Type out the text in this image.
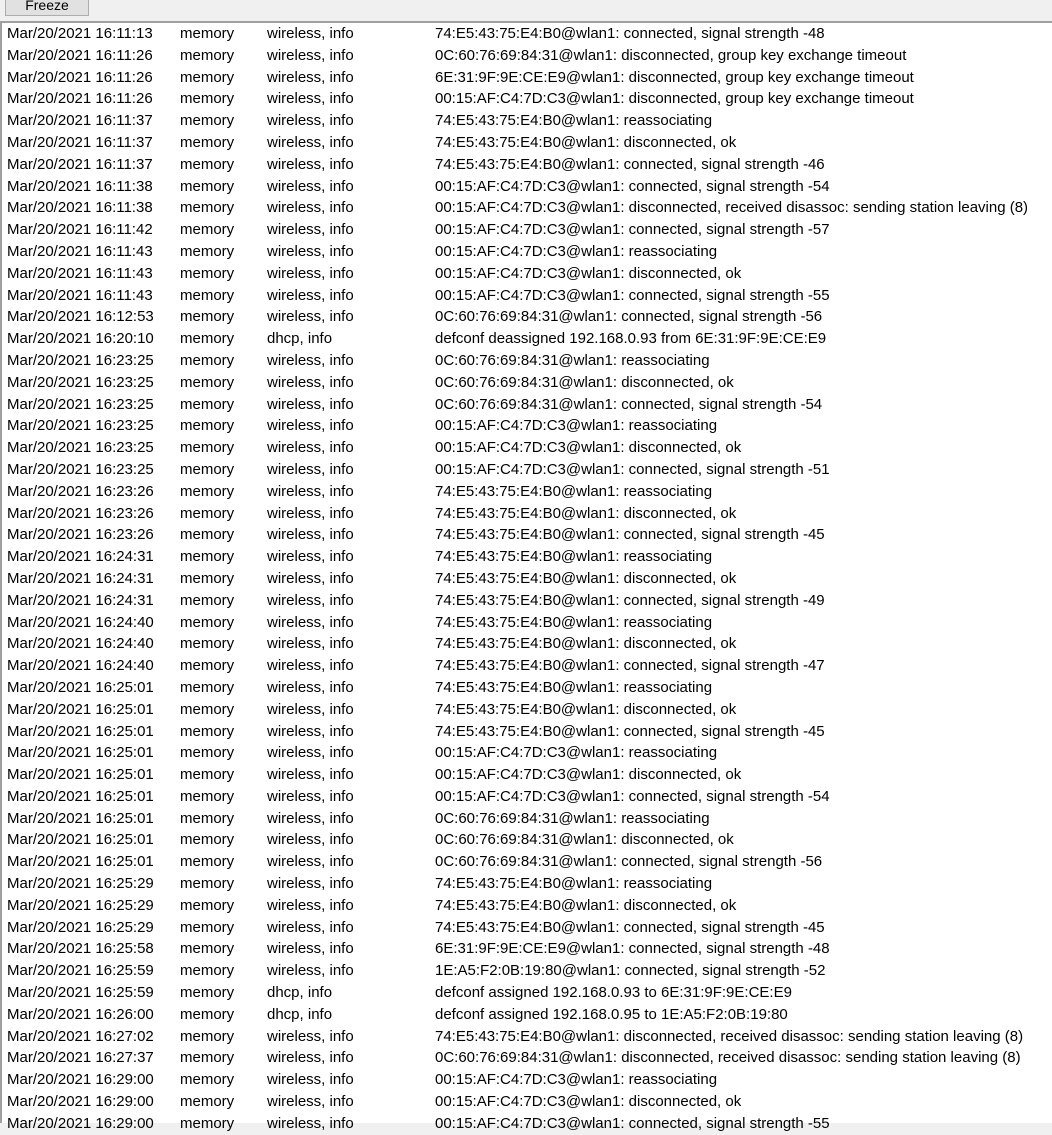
Freeze
Mar/20/2021 16:11:13 memory wireless, info	74:E5:43:75:E4:B0@wlan1: connected, signal strength -48
Mar/20/2021 16:11:26 memory wireless, info	0C:60:76:69:84:31@wlan1: disconnected, group key exchange timeout
Mar/20/2021 16:11:26 memory wireless, info	6E:31:9F:9E:CE:E9@wlan1: disconnected, group key exchange timeout
Mar/20/2021 16:11:26 memory wireless, info	00:15:AF:C4:7D:C3@wlan1: disconnected, group key exchange timeout
Mar/20/2021 16:11:37 memory wireless, info	74:E5:43:75:E4:B0@wlan1: reassociating
Mar/20/2021 16:11:37 memory wireless, info	74:E5:43:75:E4:B0@wlan1: disconnected, ok
Mar/20/2021 16:11:37 memory wireless, info	74:E5:43:75:E4:B0@wlan1: connected, signal strength -46
Mar/20/2021 16:11:38 memory wireless, info	00:15:AF:C4:7D:C3@wlan1: connected, signal strength -54
Mar/20/2021 16:11:38 memory wireless, info	00:15:AF:C4:7D:C3@wlan1: disconnected, received disassoc: sending station leaving (8)
Mar/20/2021 16:11:42 memory wireless, info	00:15:AF:C4:7D:C3@wlan1: connected, signal strength -57
Mar/20/2021 16:11:43 memory wireless, info	00:15:AF:C4:7D:C3@wlan1: reassociating
Mar/20/2021 16:11:43 memory wireless, info	00:15:AF:C4:7D:C3@wlan1: disconnected, ok
Mar/20/2021 16:11:43 memory wireless, info	00:15:AF:C4:7D:C3@wlan1: connected, signal strength -55
Mar/20/2021 16:12:53 memory wireless, info	0C:60:76:69:84:31@wlan1: connected, signal strength -56
Mar/20/2021 16:20:10 memory dhcp, info	defconf deassigned 192.168.0.93 from 6E:31:9F:9E:CE:E9
Mar/20/2021 16:23:25 memory wireless, info	0C:60:76:69:84:31@wlan1: reassociating
Mar/20/2021 16:23:25 memory wireless, info	0C:60:76:69:84:31@wlan1: disconnected, ok
Mar/20/2021 16:23:25 memory wireless, info	0C:60:76:69:84:31@wlan1: connected, signal strength -54
Mar/20/2021 16:23:25 memory wireless, info	00:15:AF:C4:7D:C3@wlan1: reassociating
Mar/20/2021 16:23:25 memory wireless, info	00:15:AF:C4:7D:C3@wlan1: disconnected, ok
Mar/20/2021 16:23:25 memory wireless, info	00:15:AF:C4:7D:C3@wlan1: connected, signal strength -51
Mar/20/2021 16:23:26 memory wireless, info	74:E5:43:75:E4:B0@wlan1: reassociating
Mar/20/2021 16:23:26 memory wireless, info	74:E5:43:75:E4:B0@wlan1: disconnected, ok
Mar/20/2021 16:23:26 memory wireless, info	74:E5:43:75:E4:B0@wlan1: connected, signal strength -45
Mar/20/2021 16:24:31 memory wireless, info	74:E5:43:75:E4:B0@wlan1: reassociating
Mar/20/2021 16:24:31 memory wireless, info	74:E5:43:75:E4:B0@wlan1: disconnected, ok
Mar/20/2021 16:24:31 memory wireless, info	74:E5:43:75:E4:B0@wlan1: connected, signal strength -49
Mar/20/2021 16:24:40 memory wireless, info	74:E5:43:75:E4:B0@wlan1: reassociating
Mar/20/2021 16:24:40 memory wireless, info	74:E5:43:75:E4:B0@wlan1: disconnected, ok
Mar/20/2021 16:24:40 memory wireless, info	74:E5:43:75:E4:B0@wlan1: connected, signal strength -47
Mar/20/2021 16:25:01 memory wireless, info	74:E5:43:75:E4:B0@wlan1: reassociating
Mar/20/2021 16:25:01 memory wireless, info	74:E5:43:75:E4:B0@wlan1: disconnected, ok
Mar/20/2021 16:25:01 memory wireless, info	74:E5:43:75:E4:B0@wlan1: connected, signal strength -45
Mar/20/2021 16:25:01 memory wireless, info	00:15:AF:C4:7D:C3@wlan1: reassociating
Mar/20/2021 16:25:01 memory wireless, info	00:15:AF:C4:7D:C3@wlan1: disconnected, ok
Mar/20/2021 16:25:01 memory wireless, info	00:15:AF:C4:7D:C3@wlan1: connected, signal strength -54
Mar/20/2021 16:25:01 memory wireless, info	0C:60:76:69:84:31@wlan1: reassociating
Mar/20/2021 16:25:01 memory wireless, info	0C:60:76:69:84:31@wlan1: disconnected, ok
Mar/20/2021 16:25:01 memory wireless, info	0C:60:76:69:84:31@wlan1: connected, signal strength -56
Mar/20/2021 16:25:29 memory wireless, info	74:E5:43:75:E4:B0@wlan1: reassociating
Mar/20/2021 16:25:29 memory wireless, info	74:E5:43:75:E4:B0@wlan1: disconnected, ok
Mar/20/2021 16:25:29 memory wireless, info	74:E5:43:75:E4:B0@wlan1: connected, signal strength -45
Mar/20/2021 16:25:58 memory wireless, info	6E:31:9F:9E:CE:E9@wlan1: connected, signal strength -48
Mar/20/2021 16:25:59 memory wireless, info	1E:A5:F2:0B:19:80@wlan1: connected, signal strength -52
Mar/20/2021 16:25:59 memory dhcp, info	defconf assigned 192.168.0.93 to 6E:31:9F:9E:CE:E9
Mar/20/2021 16:26:00 memory dhcp, info	defconf assigned 192.168.0.95 to 1E:A5:F2:0B:19:80
Mar/20/2021 16:27:02 memory wireless, info	74:E5:43:75:E4:B0@wlan1: disconnected, received disassoc: sending station leaving (8)
Mar/20/2021 16:27:37 memory wireless, info	0C:60:76:69:84:31@wlan1: disconnected, received disassoc: sending station leaving (8)
Mar/20/2021 16:29:00 memory wireless, info	00:15:AF:C4:7D:C3@wlan1: reassociating
Mar/20/2021 16:29:00 memory wireless, info	00:15:AF:C4:7D:C3@wlan1: disconnected, ok
Mar/20/2021 16:29:00 memory wireless, info	00:15:AF:C4:7D:C3@wlan1: connected, signal strength -55
